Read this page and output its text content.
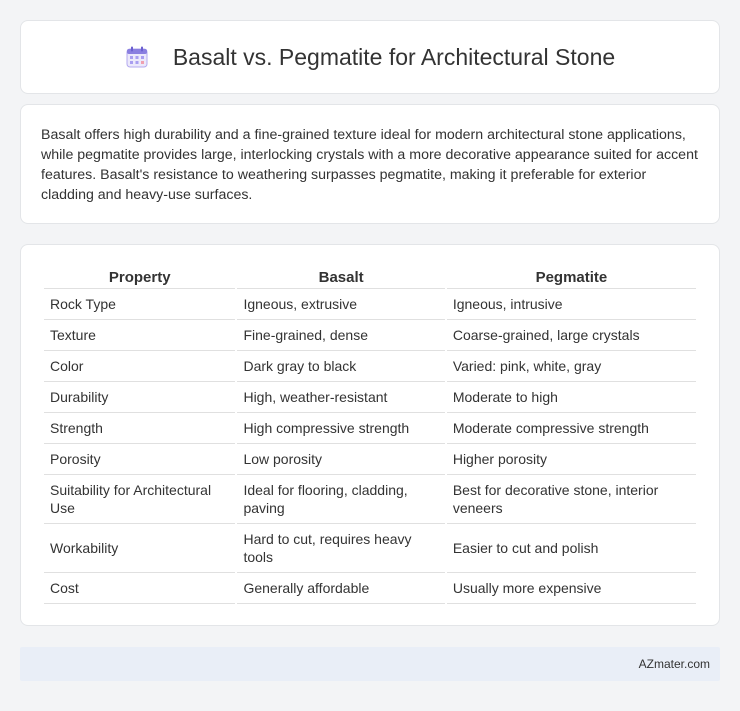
Basalt vs. Pegmatite for Architectural Stone

Basalt offers high durability and a fine-grained texture ideal for modern architectural stone applications, while pegmatite provides large, interlocking crystals with a more decorative appearance suited for accent features. Basalt's resistance to weathering surpasses pegmatite, making it preferable for exterior cladding and heavy-use surfaces.

Property	Basalt	Pegmatite
Rock Type	Igneous, extrusive	Igneous, intrusive
Texture	Fine-grained, dense	Coarse-grained, large crystals
Color	Dark gray to black	Varied: pink, white, gray
Durability	High, weather-resistant	Moderate to high
Strength	High compressive strength	Moderate compressive strength
Porosity	Low porosity	Higher porosity
Suitability for Architectural Use	Ideal for flooring, cladding, paving	Best for decorative stone, interior veneers
Workability	Hard to cut, requires heavy tools	Easier to cut and polish
Cost	Generally affordable	Usually more expensive
AZmater.com
